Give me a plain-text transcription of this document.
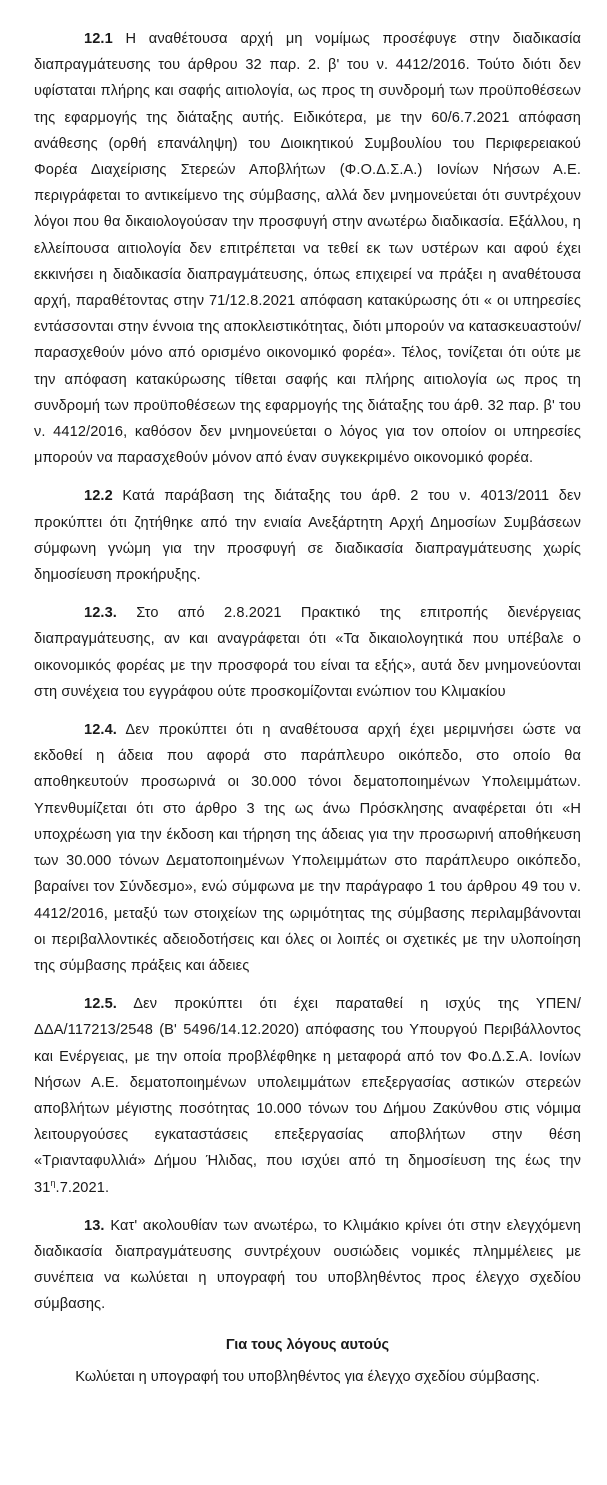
12.1 Η αναθέτουσα αρχή μη νομίμως προσέφυγε στην διαδικασία διαπραγμάτευσης του άρθρου 32 παρ. 2. β' του ν. 4412/2016. Τούτο διότι δεν υφίσταται πλήρης και σαφής αιτιολογία, ως προς τη συνδρομή των προϋποθέσεων της εφαρμογής της διάταξης αυτής. Ειδικότερα, με την 60/6.7.2021 απόφαση ανάθεσης (ορθή επανάληψη) του Διοικητικού Συμβουλίου του Περιφερειακού Φορέα Διαχείρισης Στερεών Αποβλήτων (Φ.Ο.Δ.Σ.Α.) Ιονίων Νήσων Α.Ε. περιγράφεται το αντικείμενο της σύμβασης, αλλά δεν μνημονεύεται ότι συντρέχουν λόγοι που θα δικαιολογούσαν την προσφυγή στην ανωτέρω διαδικασία. Εξάλλου, η ελλείπουσα αιτιολογία δεν επιτρέπεται να τεθεί εκ των υστέρων και αφού έχει εκκινήσει η διαδικασία διαπραγμάτευσης, όπως επιχειρεί να πράξει η αναθέτουσα αρχή, παραθέτοντας στην 71/12.8.2021 απόφαση κατακύρωσης ότι « οι υπηρεσίες εντάσσονται στην έννοια της αποκλειστικότητας, διότι μπορούν να κατασκευαστούν/παρασχεθούν μόνο από ορισμένο οικονομικό φορέα». Τέλος, τονίζεται ότι ούτε με την απόφαση κατακύρωσης τίθεται σαφής και πλήρης αιτιολογία ως προς τη συνδρομή των προϋποθέσεων της εφαρμογής της διάταξης του άρθ. 32 παρ. β' του ν. 4412/2016, καθόσον δεν μνημονεύεται ο λόγος για τον οποίον οι υπηρεσίες μπορούν να παρασχεθούν μόνον από έναν συγκεκριμένο οικονομικό φορέα.

12.2 Κατά παράβαση της διάταξης του άρθ. 2 του ν. 4013/2011 δεν προκύπτει ότι ζητήθηκε από την ενιαία Ανεξάρτητη Αρχή Δημοσίων Συμβάσεων σύμφωνη γνώμη για την προσφυγή σε διαδικασία διαπραγμάτευσης χωρίς δημοσίευση προκήρυξης.

12.3. Στο από 2.8.2021 Πρακτικό της επιτροπής διενέργειας διαπραγμάτευσης, αν και αναγράφεται ότι «Τα δικαιολογητικά που υπέβαλε ο οικονομικός φορέας με την προσφορά του είναι τα εξής», αυτά δεν μνημονεύονται στη συνέχεια του εγγράφου ούτε προσκομίζονται ενώπιον του Κλιμακίου

12.4. Δεν προκύπτει ότι η αναθέτουσα αρχή έχει μεριμνήσει ώστε να εκδοθεί η άδεια που αφορά στο παράπλευρο οικόπεδο, στο οποίο θα αποθηκευτούν προσωρινά οι 30.000 τόνοι δεματοποιημένων Υπολειμμάτων. Υπενθυμίζεται ότι στο άρθρο 3 της ως άνω Πρόσκλησης αναφέρεται ότι «Η υποχρέωση για την έκδοση και τήρηση της άδειας για την προσωρινή αποθήκευση των 30.000 τόνων Δεματοποιημένων Υπολειμμάτων στο παράπλευρο οικόπεδο, βαραίνει τον Σύνδεσμο», ενώ σύμφωνα με την παράγραφο 1 του άρθρου 49 του ν. 4412/2016, μεταξύ των στοιχείων της ωριμότητας της σύμβασης περιλαμβάνονται οι περιβαλλοντικές αδειοδοτήσεις και όλες οι λοιπές οι σχετικές με την υλοποίηση της σύμβασης πράξεις και άδειες

12.5. Δεν προκύπτει ότι έχει παραταθεί η ισχύς της ΥΠΕΝ/ΔΔΑ/117213/2548 (Β' 5496/14.12.2020) απόφασης του Υπουργού Περιβάλλοντος και Ενέργειας, με την οποία προβλέφθηκε η μεταφορά από τον Φο.Δ.Σ.Α. Ιονίων Νήσων Α.Ε. δεματοποιημένων υπολειμμάτων επεξεργασίας αστικών στερεών αποβλήτων μέγιστης ποσότητας 10.000 τόνων του Δήμου Ζακύνθου στις νόμιμα λειτουργούσες εγκαταστάσεις επεξεργασίας αποβλήτων στην θέση «Τριανταφυλλιά» Δήμου Ήλιδας, που ισχύει από τη δημοσίευση της έως την $31^\eta.7.2021$.

13. Κατ' ακολουθίαν των ανωτέρω, το Κλιμάκιο κρίνει ότι στην ελεγχόμενη διαδικασία διαπραγμάτευσης συντρέχουν ουσιώδεις νομικές πλημμέλειες με συνέπεια να κωλύεται η υπογραφή του υποβληθέντος προς έλεγχο σχεδίου σύμβασης.

Για τους λόγους αυτούς

Κωλύεται η υπογραφή του υποβληθέντος για έλεγχο σχεδίου σύμβασης.
